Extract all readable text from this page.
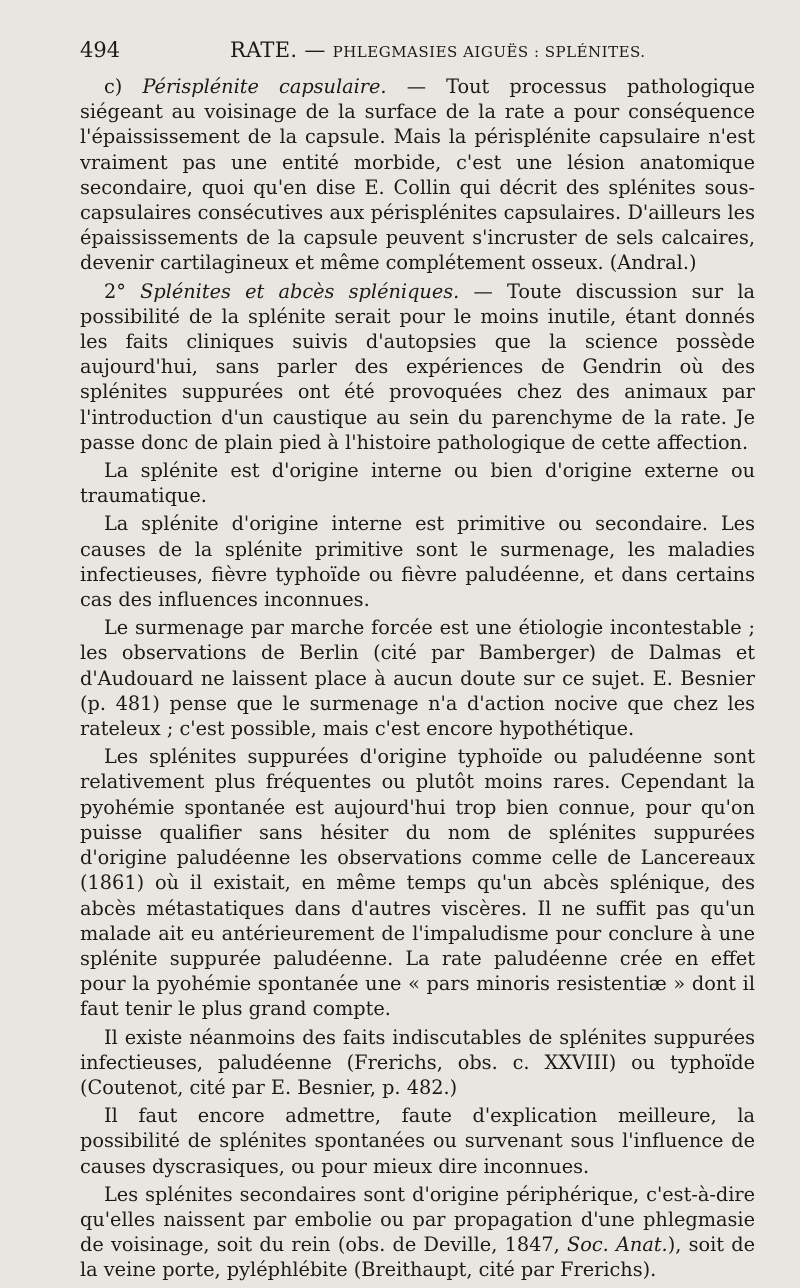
494	RATE. — PHLEGMASIES AIGUËS : SPLÉNITES.

c) Périsplénite capsulaire. — Tout processus pathologique siégeant au voisinage de la surface de la rate a pour conséquence l'épaississement de la capsule. Mais la périsplénite capsulaire n'est vraiment pas une entité morbide, c'est une lésion anatomique secondaire, quoi qu'en dise E. Collin qui décrit des splénites sous-capsulaires consécutives aux périsplénites capsulaires. D'ailleurs les épaississements de la capsule peuvent s'incruster de sels calcaires, devenir cartilagineux et même complétement osseux. (Andral.)

2° Splénites et abcès spléniques. — Toute discussion sur la possibilité de la splénite serait pour le moins inutile, étant donnés les faits cliniques suivis d'autopsies que la science possède aujourd'hui, sans parler des expériences de Gendrin où des splénites suppurées ont été provoquées chez des animaux par l'introduction d'un caustique au sein du parenchyme de la rate. Je passe donc de plain pied à l'histoire pathologique de cette affection.

La splénite est d'origine interne ou bien d'origine externe ou traumatique.

La splénite d'origine interne est primitive ou secondaire. Les causes de la splénite primitive sont le surmenage, les maladies infectieuses, fièvre typhoïde ou fièvre paludéenne, et dans certains cas des influences inconnues.

Le surmenage par marche forcée est une étiologie incontestable ; les observations de Berlin (cité par Bamberger) de Dalmas et d'Audouard ne laissent place à aucun doute sur ce sujet. E. Besnier (p. 481) pense que le surmenage n'a d'action nocive que chez les rateleux ; c'est possible, mais c'est encore hypothétique.

Les splénites suppurées d'origine typhoïde ou paludéenne sont relativement plus fréquentes ou plutôt moins rares. Cependant la pyohémie spontanée est aujourd'hui trop bien connue, pour qu'on puisse qualifier sans hésiter du nom de splénites suppurées d'origine paludéenne les observations comme celle de Lancereaux (1861) où il existait, en même temps qu'un abcès splénique, des abcès métastatiques dans d'autres viscères. Il ne suffit pas qu'un malade ait eu antérieurement de l'impaludisme pour conclure à une splénite suppurée paludéenne. La rate paludéenne crée en effet pour la pyohémie spontanée une « pars minoris resistentiæ » dont il faut tenir le plus grand compte.

Il existe néanmoins des faits indiscutables de splénites suppurées infectieuses, paludéenne (Frerichs, obs. c. XXVIII) ou typhoïde (Coutenot, cité par E. Besnier, p. 482.)

Il faut encore admettre, faute d'explication meilleure, la possibilité de splénites spontanées ou survenant sous l'influence de causes dyscrasiques, ou pour mieux dire inconnues.

Les splénites secondaires sont d'origine périphérique, c'est-à-dire qu'elles naissent par embolie ou par propagation d'une phlegmasie de voisinage, soit du rein (obs. de Deville, 1847, Soc. Anat.), soit de la veine porte, pyléphlébite (Breithaupt, cité par Frerichs).
